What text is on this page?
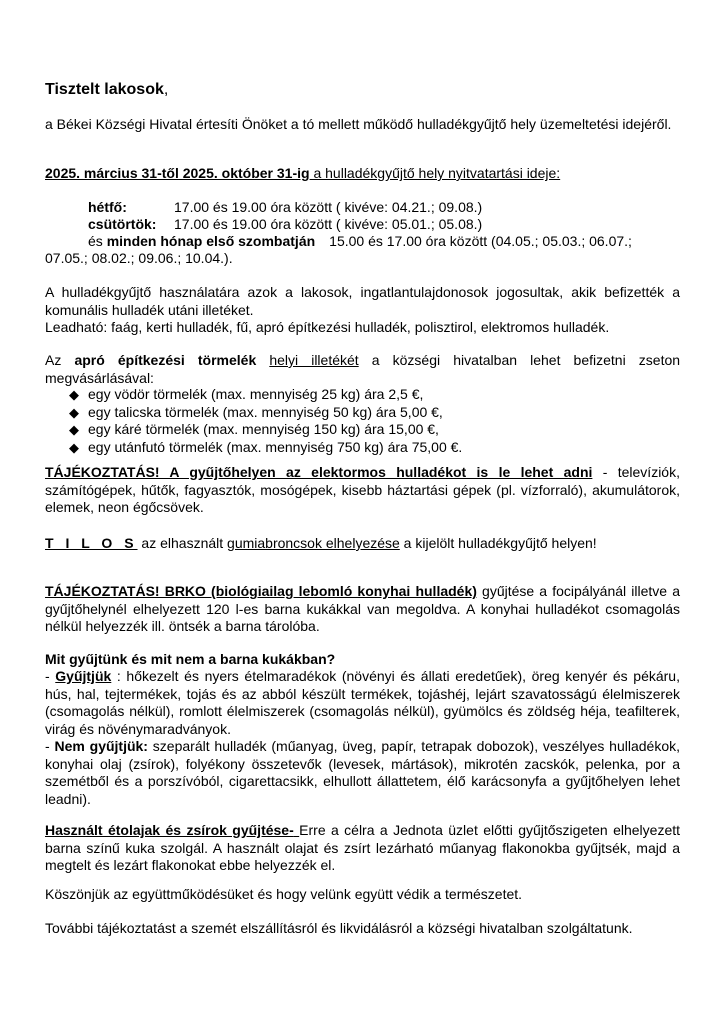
Tisztelt lakosok,
a Békei Községi Hivatal értesíti Önöket a tó mellett működő hulladékgyűjtő hely üzemeltetési idejéről.
2025. március 31-től 2025. október 31-ig a hulladékgyűjtő hely nyitvatartási ideje:
hétfő:	17.00 és 19.00 óra között ( kivéve: 04.21.; 09.08.)
csütörtök: 17.00 és 19.00 óra között ( kivéve: 05.01.; 05.08.)
és minden hónap első szombatján 15.00 és 17.00 óra között (04.05.; 05.03.; 06.07.;
07.05.; 08.02.; 09.06.; 10.04.).
A hulladékgyűjtő használatára azok a lakosok, ingatlantulajdonosok jogosultak, akik befizették a komunális hulladék utáni illetéket.
Leadható: faág, kerti hulladék, fű, apró építkezési hulladék, polisztirol, elektromos hulladék.
Az apró építkezési törmelék helyi illetékét a községi hivatalban lehet befizetni zseton megvásárlásával:
◆ egy vödör törmelék (max. mennyiség 25 kg) ára 2,5 €,
◆ egy talicska törmelék (max. mennyiség 50 kg) ára 5,00 €,
◆ egy káré törmelék (max. mennyiség 150 kg) ára 15,00 €,
◆ egy utánfutó törmelék (max. mennyiség 750 kg) ára 75,00 €.
TÁJÉKOZTATÁS! A gyűjtőhelyen az elektormos hulladékot is le lehet adni - televíziók, számítógépek, hűtők, fagyasztók, mosógépek, kisebb háztartási gépek (pl. vízforraló), akumulátorok, elemek, neon égőcsövek.
T I L O S az elhasznált gumiabroncsok elhelyezése a kijelölt hulladékgyűjtő helyen!
TÁJÉKOZTATÁS! BRKO (biológiailag lebomló konyhai hulladék) gyűjtése a focipályánál illetve a gyűjtőhelynél elhelyezett 120 l-es barna kukákkal van megoldva. A konyhai hulladékot csomagolás nélkül helyezzék ill. öntsék a barna tárolóba.
Mit gyűjtünk és mit nem a barna kukákban?
- Gyűjtjük : hőkezelt és nyers ételmaradékok (növényi és állati eredetűek), öreg kenyér és pékáru, hús, hal, tejtermékek, tojás és az abból készült termékek, tojáshéj, lejárt szavatosságú élelmiszerek (csomagolás nélkül), romlott élelmiszerek (csomagolás nélkül), gyümölcs és zöldség héja, teafilterek, virág és növénymaradványok.
- Nem gyűjtjük: szeparált hulladék (műanyag, üveg, papír, tetrapak dobozok), veszélyes hulladékok, konyhai olaj (zsírok), folyékony összetevők (levesek, mártások), mikrotén zacskók, pelenka, por a szemétből és a porszívóból, cigarettacsikk, elhullott állattetem, élő karácsonyfa a gyűjtőhelyen lehet leadni).
Használt étolajak és zsírok gyűjtése- Erre a célra a Jednota üzlet előtti gyűjtőszigeten elhelyezett barna színű kuka szolgál. A használt olajat és zsírt lezárható műanyag flakonokba gyűjtsék, majd a megtelt és lezárt flakonokat ebbe helyezzék el.
Köszönjük az együttműködésüket és hogy velünk együtt védik a természetet.
További tájékoztatást a szemét elszállításról és likvidálásról a községi hivatalban szolgáltatunk.
